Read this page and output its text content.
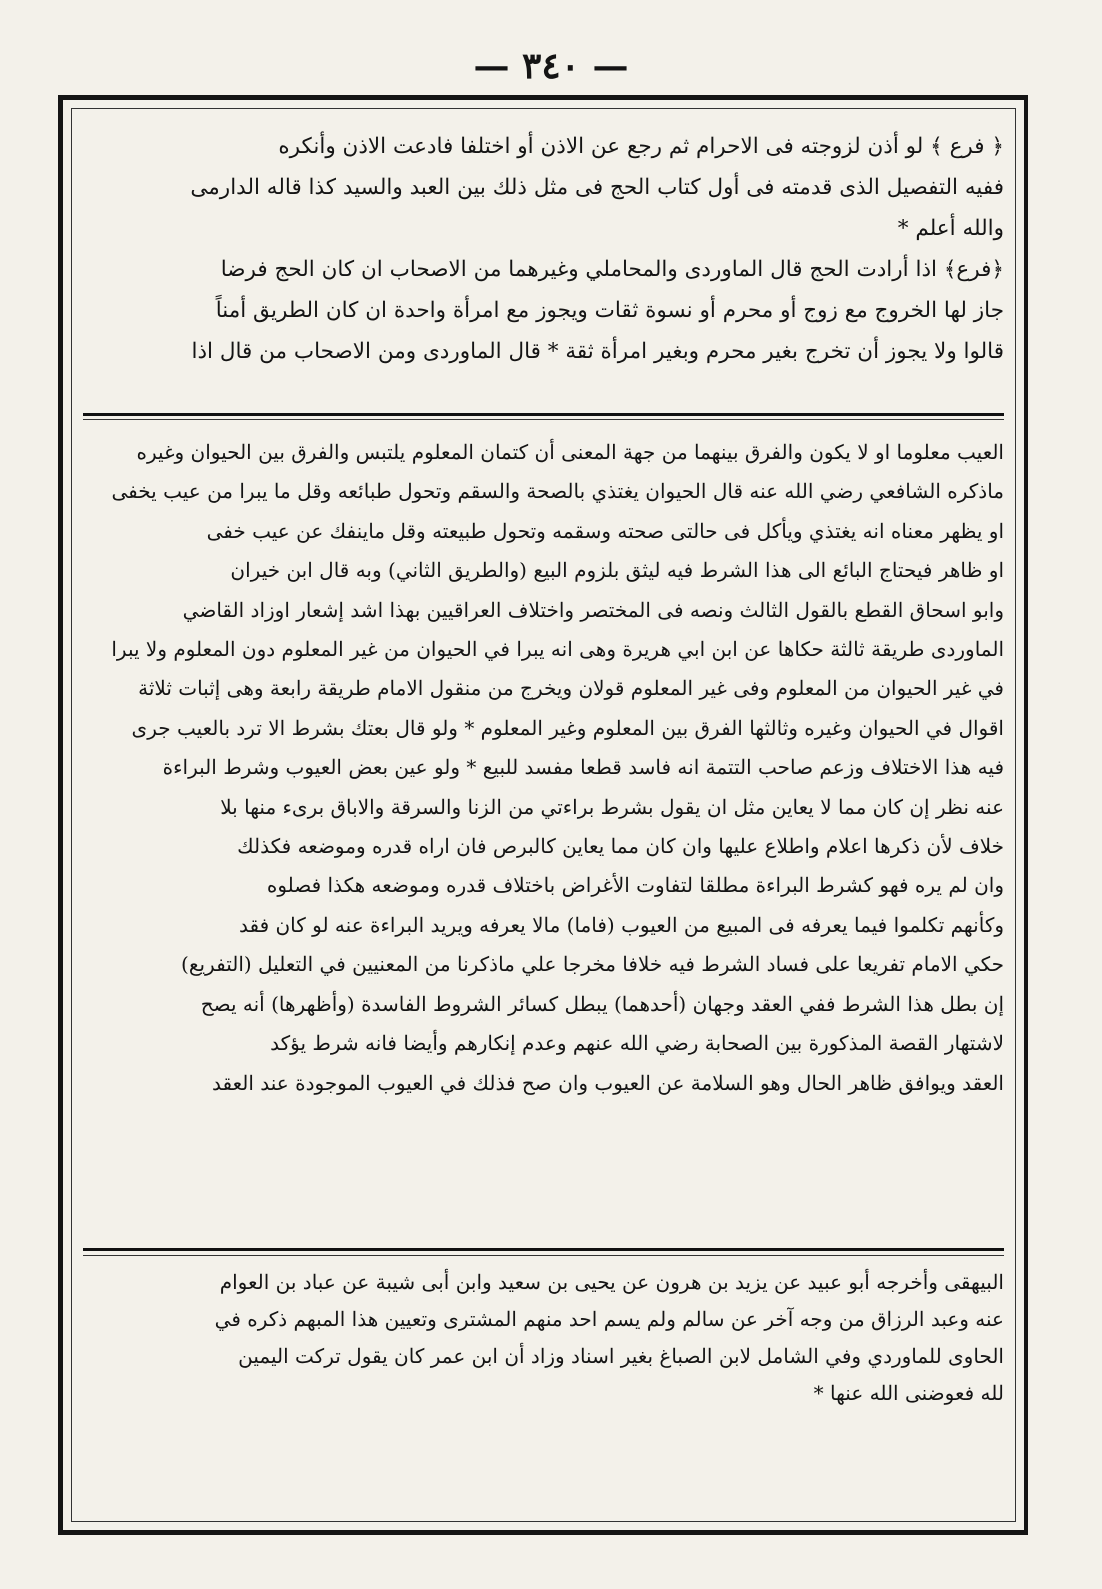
— ٣٤٠ —

﴿ فرع ﴾ لو أذن لزوجته فى الاحرام ثم رجع عن الاذن أو اختلفا فادعت الاذن وأنكره
ففيه التفصيل الذى قدمته فى أول كتاب الحج فى مثل ذلك بين العبد والسيد كذا قاله الدارمى
والله أعلم *

﴿فرع﴾ اذا أرادت الحج قال الماوردى والمحاملي وغيرهما من الاصحاب ان كان الحج فرضا
جاز لها الخروج مع زوج أو محرم أو نسوة ثقات ويجوز مع امرأة واحدة ان كان الطريق أمناً
قالوا ولا يجوز أن تخرج بغير محرم وبغير امرأة ثقة * قال الماوردى ومن الاصحاب من قال اذا

العيب معلوما او لا يكون والفرق بينهما من جهة المعنى أن كتمان المعلوم يلتبس والفرق بين الحيوان وغيره
ماذكره الشافعي رضي الله عنه قال الحيوان يغتذي بالصحة والسقم وتحول طبائعه وقل ما يبرا من عيب يخفى
او يظهر معناه انه يغتذي ويأكل فى حالتى صحته وسقمه وتحول طبيعته وقل ماينفك عن عيب خفى
او ظاهر فيحتاج البائع الى هذا الشرط فيه ليثق بلزوم البيع (والطريق الثاني) وبه قال ابن خيران
وابو اسحاق القطع بالقول الثالث ونصه فى المختصر واختلاف العراقيين بهذا اشد إشعار اوزاد القاضي
الماوردى طريقة ثالثة حكاها عن ابن ابي هريرة وهى انه يبرا في الحيوان من غير المعلوم دون المعلوم ولا يبرا
في غير الحيوان من المعلوم وفى غير المعلوم قولان ويخرج من منقول الامام طريقة رابعة وهى إثبات ثلاثة
اقوال في الحيوان وغيره وثالثها الفرق بين المعلوم وغير المعلوم * ولو قال بعتك بشرط الا ترد بالعيب جرى
فيه هذا الاختلاف وزعم صاحب التتمة انه فاسد قطعا مفسد للبيع * ولو عين بعض العيوب وشرط البراءة
عنه نظر إن كان مما لا يعاين مثل ان يقول بشرط براءتي من الزنا والسرقة والاباق برىء منها بلا
خلاف لأن ذكرها اعلام واطلاع عليها وان كان مما يعاين كالبرص فان اراه قدره وموضعه فكذلك
وان لم يره فهو كشرط البراءة مطلقا لتفاوت الأغراض باختلاف قدره وموضعه هكذا فصلوه
وكأنهم تكلموا فيما يعرفه فى المبيع من العيوب (فاما) مالا يعرفه ويريد البراءة عنه لو كان فقد
حكي الامام تفريعا على فساد الشرط فيه خلافا مخرجا علي ماذكرنا من المعنيين في التعليل (التفريع)
إن بطل هذا الشرط ففي العقد وجهان (أحدهما) يبطل كسائر الشروط الفاسدة (وأظهرها) أنه يصح
لاشتهار القصة المذكورة بين الصحابة رضي الله عنهم وعدم إنكارهم وأيضا فانه شرط يؤكد
العقد ويوافق ظاهر الحال وهو السلامة عن العيوب وان صح فذلك في العيوب الموجودة عند العقد
البيهقى وأخرجه أبو عبيد عن يزيد بن هرون عن يحيى بن سعيد وابن أبى شيبة عن عباد بن العوام
عنه وعبد الرزاق من وجه آخر عن سالم ولم يسم احد منهم المشترى وتعيين هذا المبهم ذكره في
الحاوى للماوردي وفي الشامل لابن الصباغ بغير اسناد وزاد أن ابن عمر كان يقول تركت اليمين
لله فعوضنى الله عنها *
